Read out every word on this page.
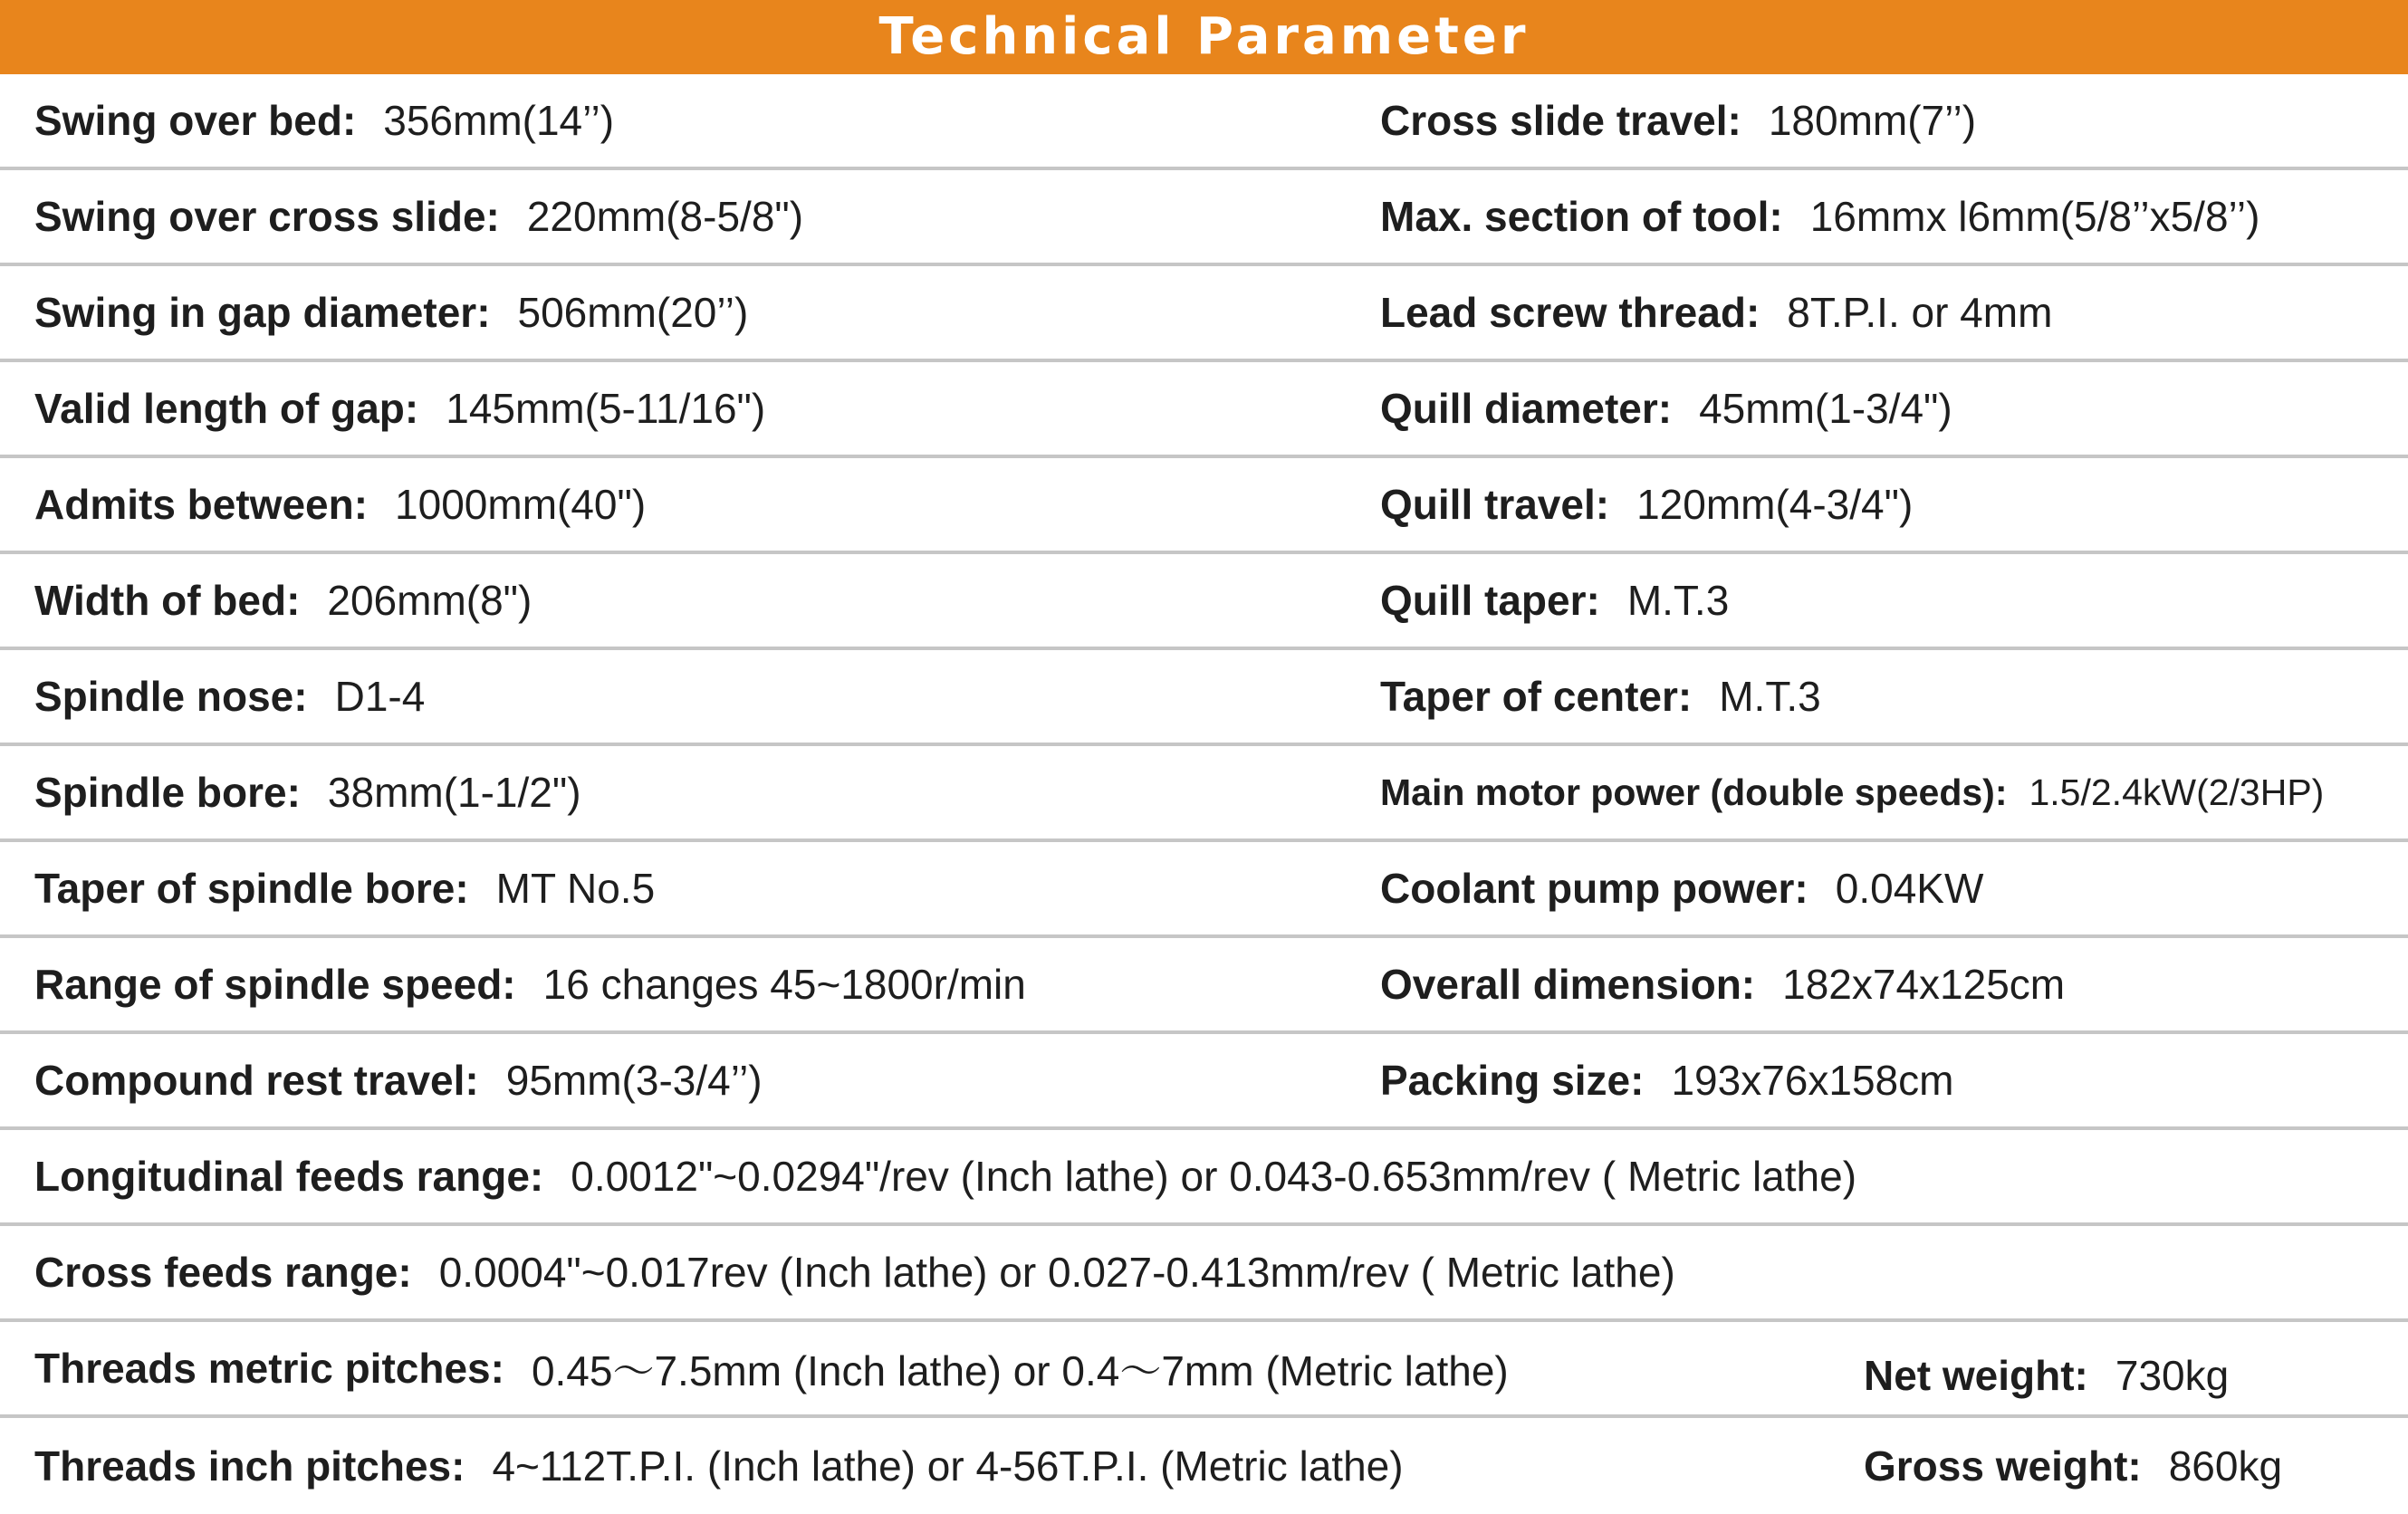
Technical Parameter
Swing over bed: 356mm(14’’)	Cross slide travel: 180mm(7’’)
Swing over cross slide: 220mm(8-5/8")	Max. section of tool: 16mmx l6mm(5/8’’x5/8’’)
Swing in gap diameter: 506mm(20’’)	Lead screw thread: 8T.P.I. or 4mm
Valid length of gap: 145mm(5-11/16")	Quill diameter: 45mm(1-3/4")
Admits between: 1000mm(40")	Quill travel: 120mm(4-3/4")
Width of bed: 206mm(8")	Quill taper: M.T.3
Spindle nose: D1-4	Taper of center: M.T.3
Spindle bore: 38mm(1-1/2")	Main motor power (double speeds): 1.5/2.4kW(2/3HP)
Taper of spindle bore: MT No.5	Coolant pump power: 0.04KW
Range of spindle speed: 16 changes 45~1800r/min	Overall dimension: 182x74x125cm
Compound rest travel: 95mm(3-3/4’’)	Packing size: 193x76x158cm
Longitudinal feeds range: 0.0012"~0.0294"/rev (Inch lathe) or 0.043-0.653mm/rev ( Metric lathe)
Cross feeds range: 0.0004"~0.017rev (Inch lathe) or 0.027-0.413mm/rev ( Metric lathe)
Threads metric pitches: 0.45～7.5mm (Inch lathe) or 0.4～7mm (Metric lathe)	Net weight: 730kg
Threads inch pitches: 4~112T.P.I. (Inch lathe) or 4-56T.P.I. (Metric lathe)	Gross weight: 860kg
